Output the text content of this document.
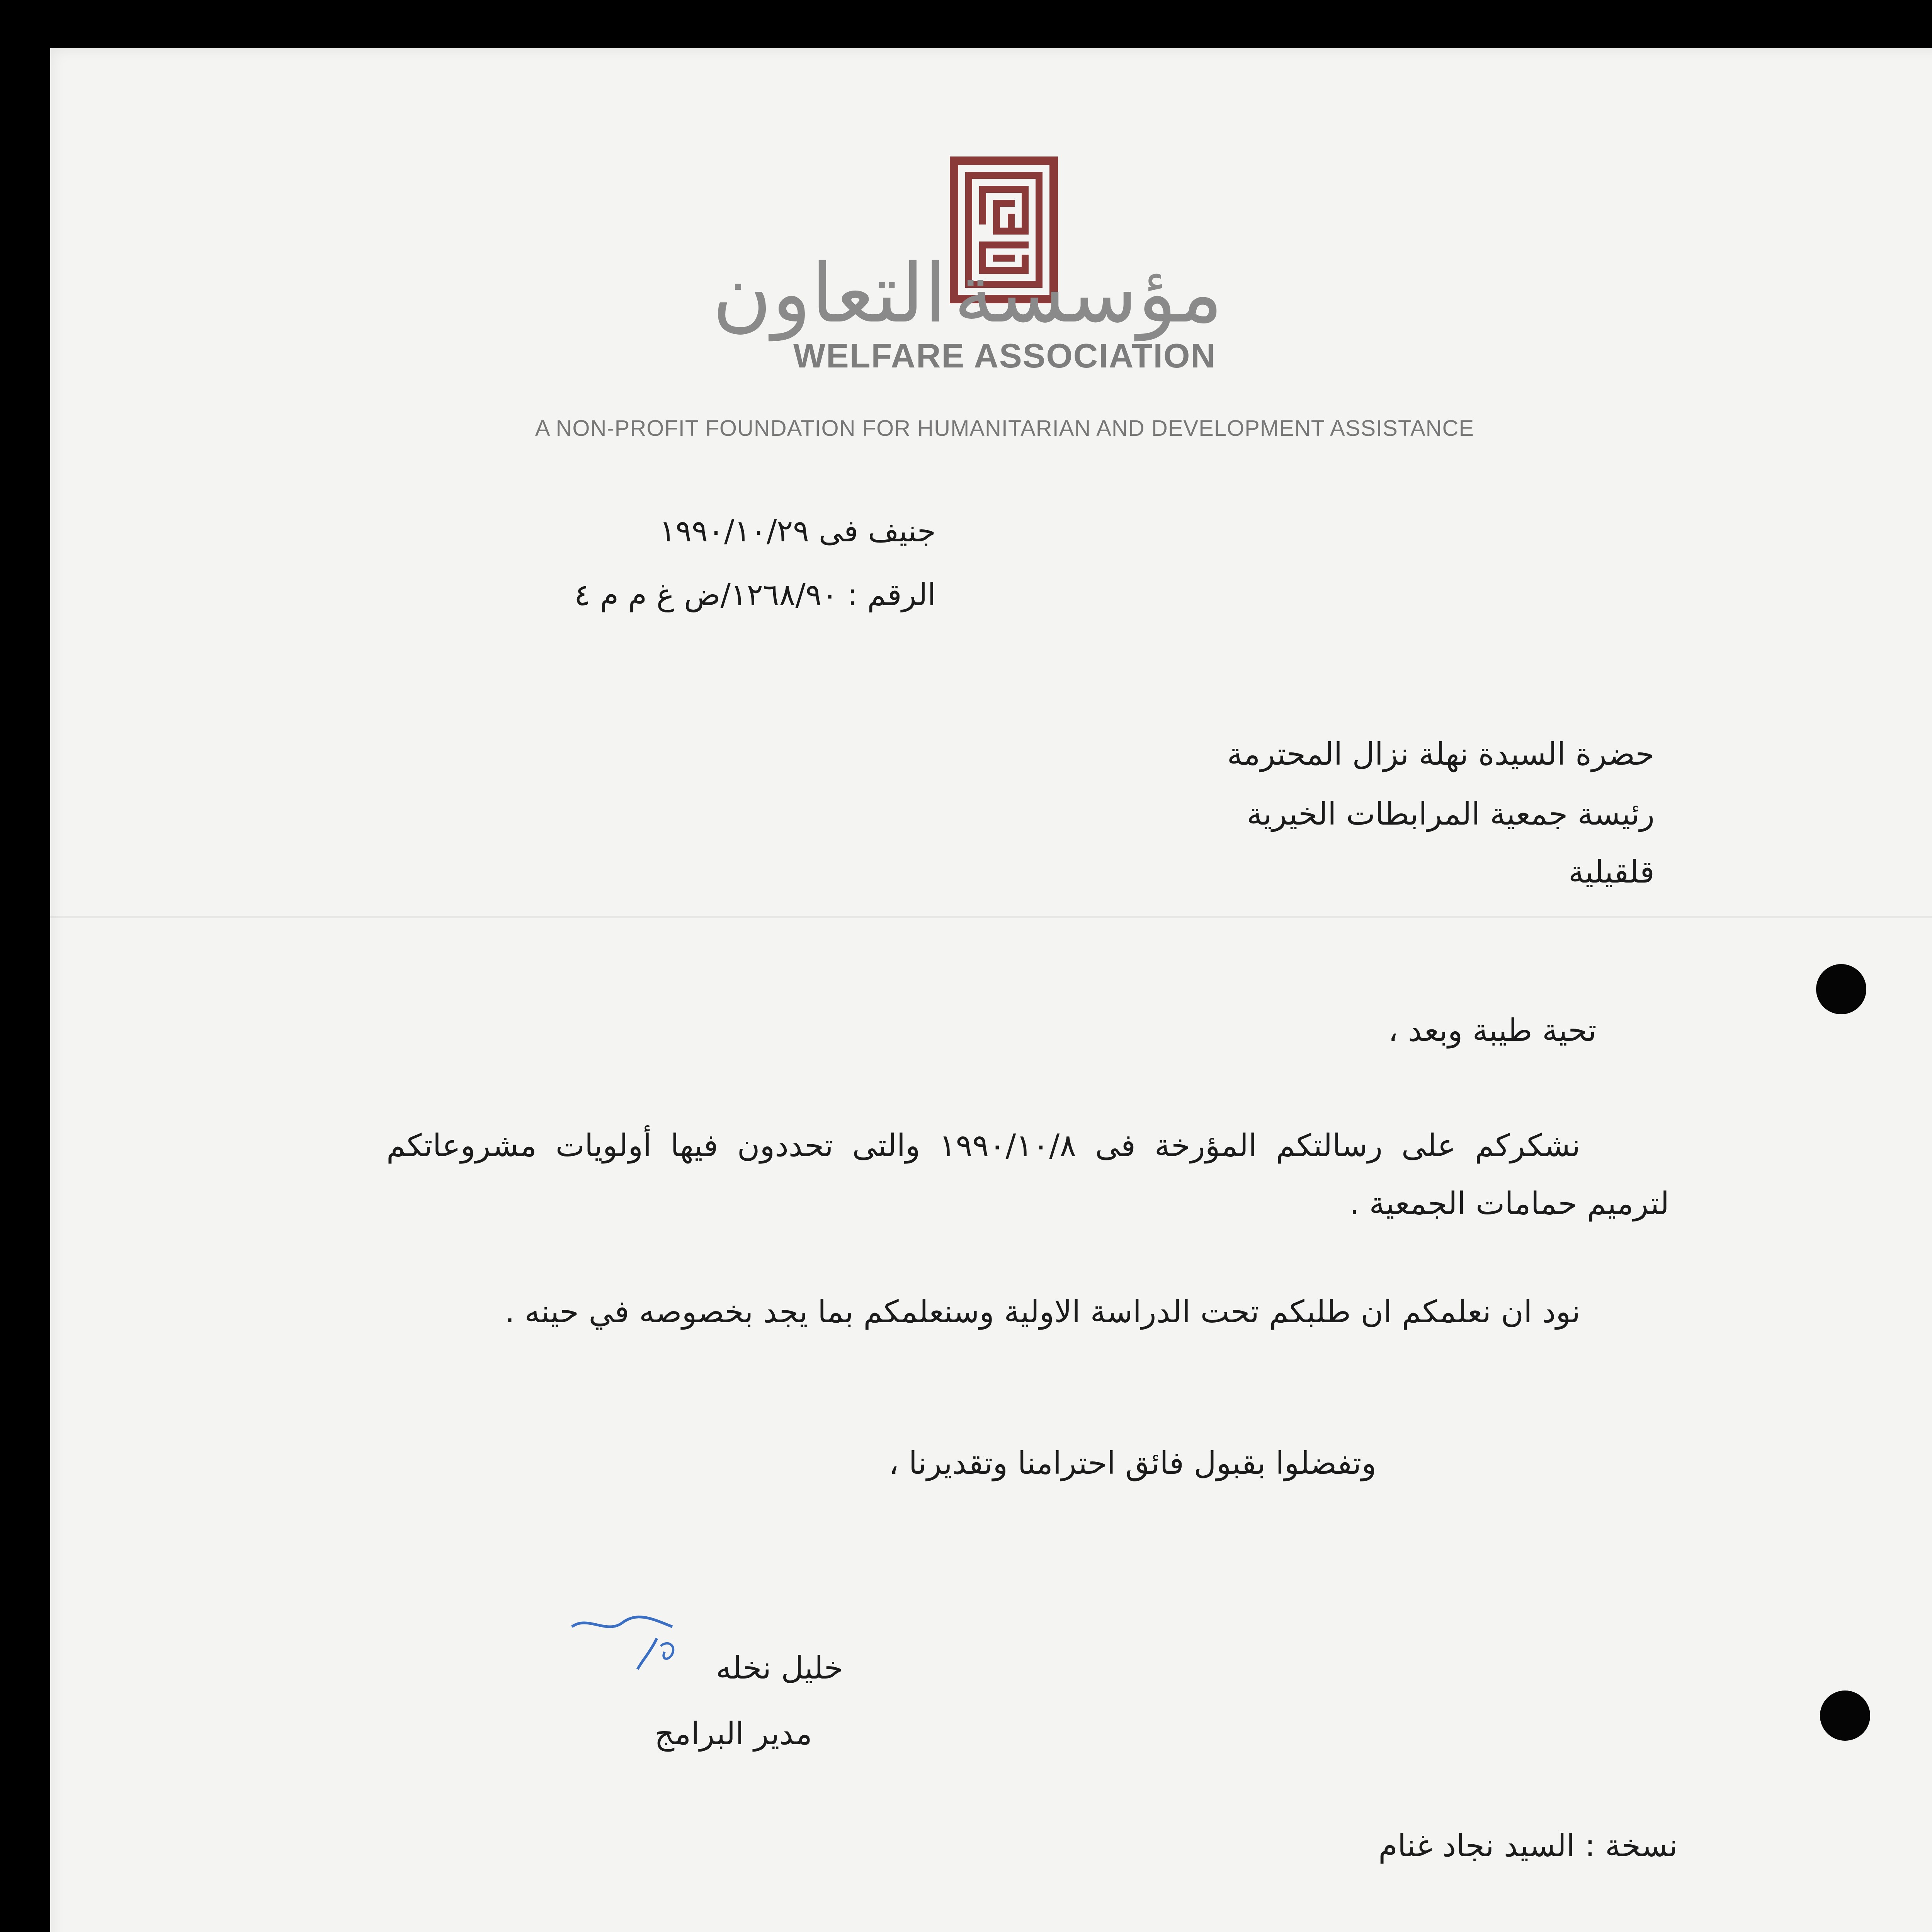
التعاون مؤسسة
WELFARE ASSOCIATION
A NON-PROFIT FOUNDATION FOR HUMANITARIAN AND DEVELOPMENT ASSISTANCE
جنيف فى ١٩٩٠/١٠/٢٩
الرقم : ١٢٦٨/٩٠/ض غ م م ٤
حضرة السيدة نهلة نزال المحترمة
رئيسة جمعية المرابطات الخيرية
قلقيلية
تحية طيبة وبعد ،
نشكركم على رسالتكم المؤرخة فى ١٩٩٠/١٠/٨ والتى تحددون فيها أولويات مشروعاتكم لترميم حمامات الجمعية .
نود ان نعلمكم ان طلبكم تحت الدراسة الاولية وسنعلمكم بما يجد بخصوصه في حينه .
وتفضلوا بقبول فائق احترامنا وتقديرنا ،
خليل نخله
مدير البرامج
نسخة : السيد نجاد غنام
